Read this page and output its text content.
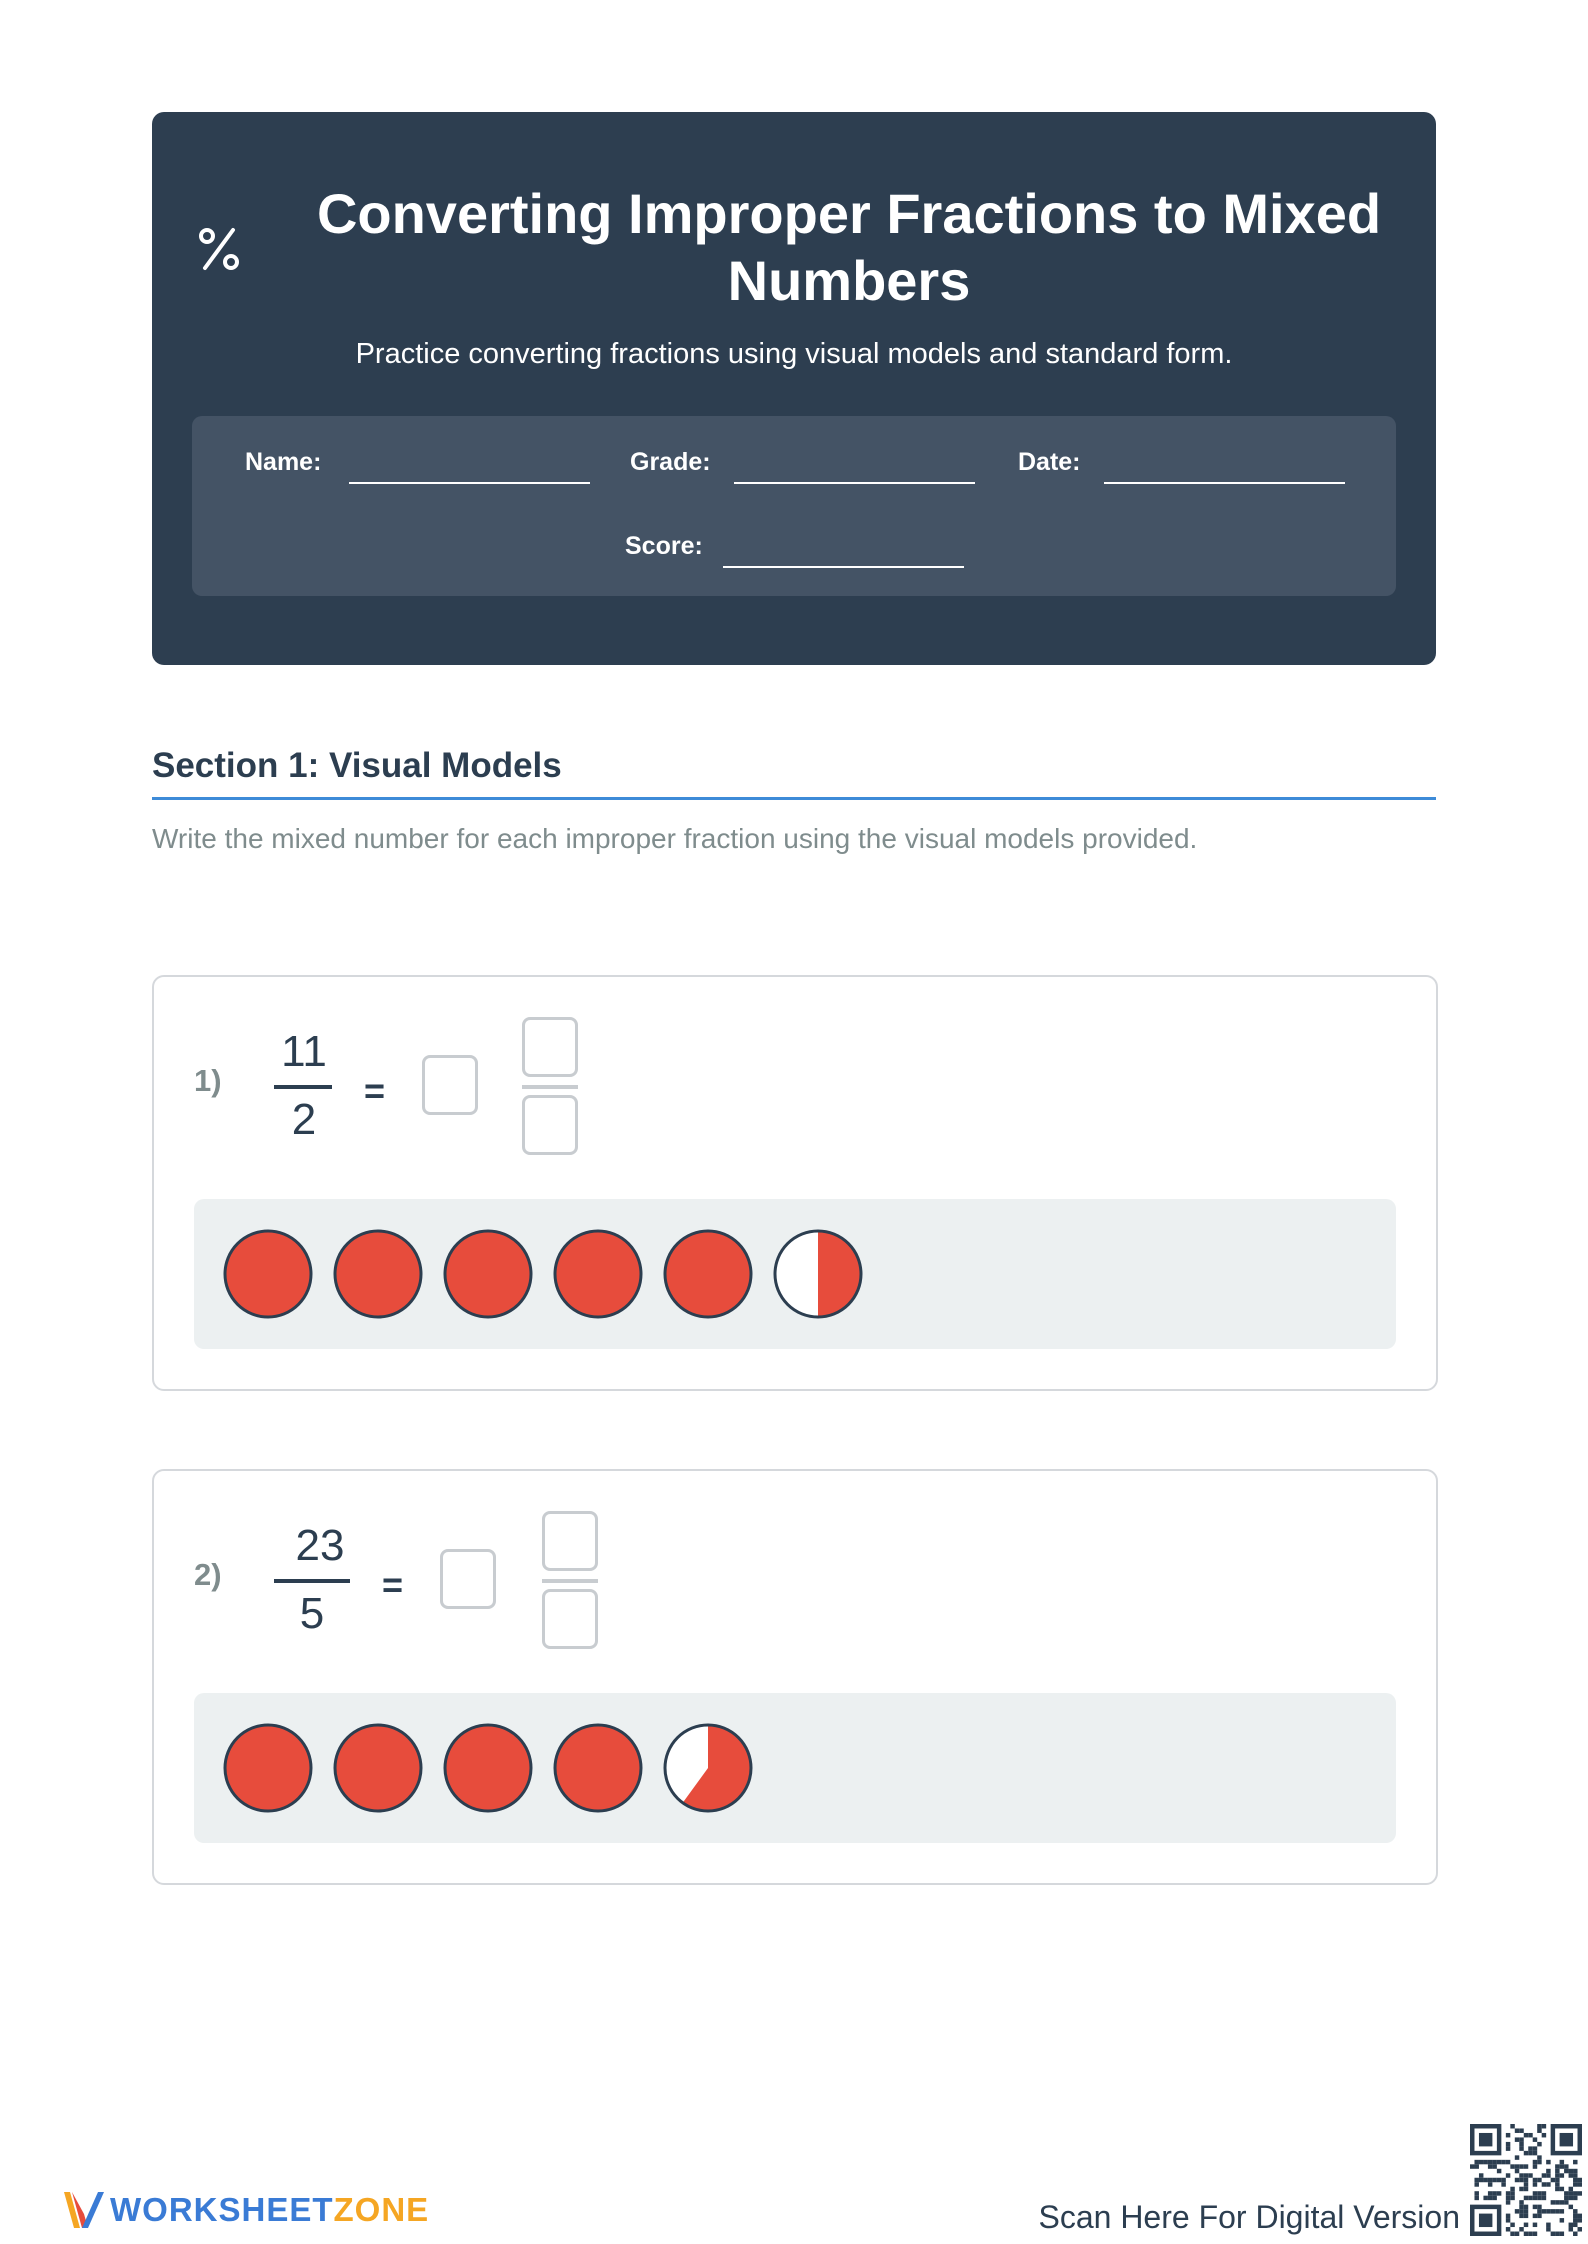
Converting Improper Fractions to Mixed Numbers
Practice converting fractions using visual models and standard form.
Name:	Grade:	Date:
Score:
Section 1: Visual Models
Write the mixed number for each improper fraction using the visual models provided.
1)
11
2
=
2)
23
5
=
WORKSHEETZONE	Scan Here For Digital Version
